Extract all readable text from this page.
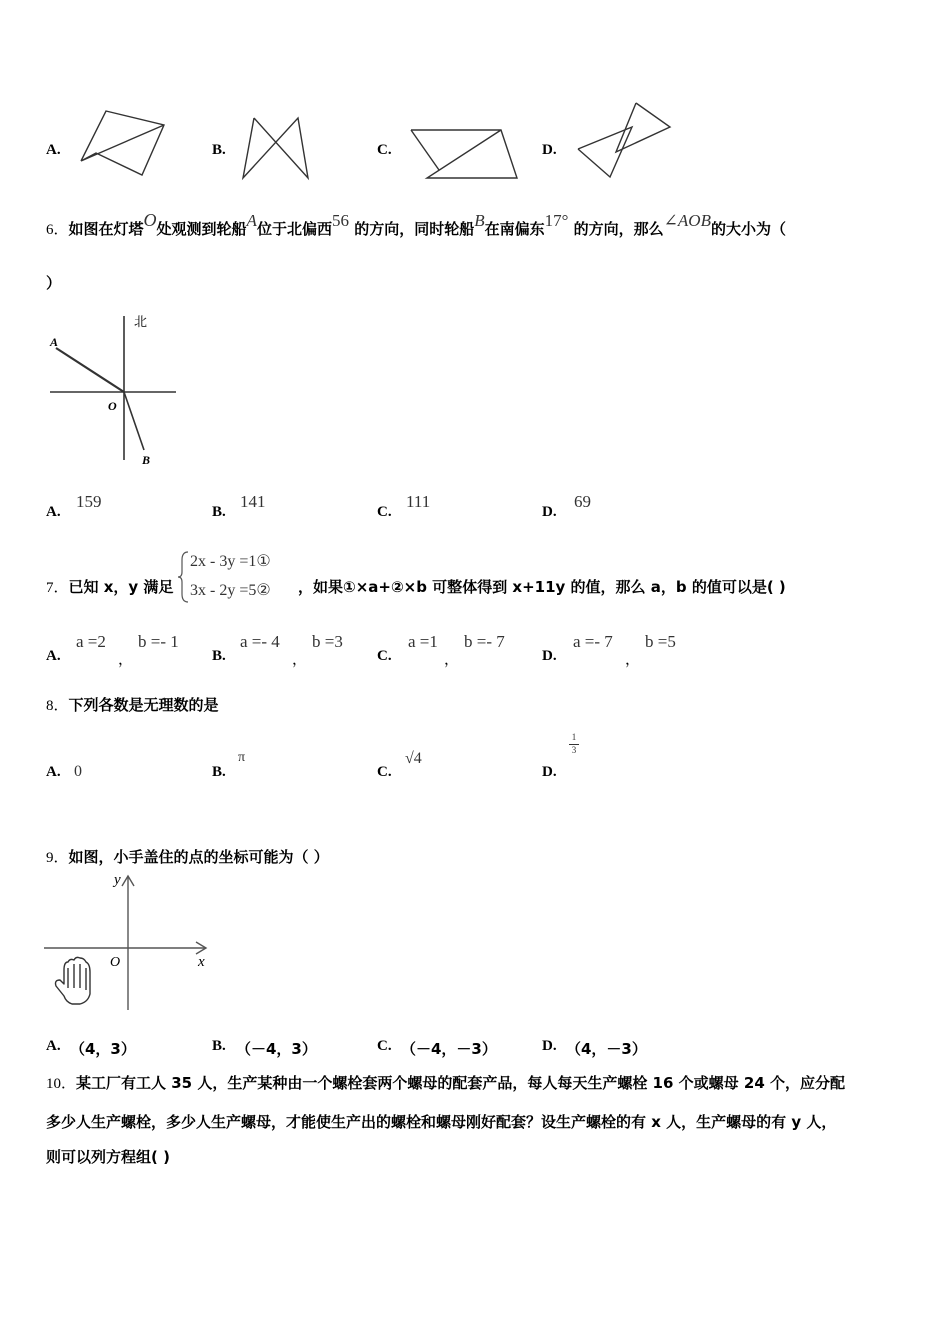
A.	B.	C.	D.
6．如图在灯塔O处观测到轮船A位于北偏西56 的方向，同时轮船B在南偏东17° 的方向，那么∠AOB的大小为（
）
北
A
O
B
A.
159
B.
141
C.
111
D.
69
7．已知 x，y 满足
2x - 3y =1①
3x - 2y =5② ，如果①×a+②×b 可整体得到 x+11y 的值，那么 a，b 的值可以是( )
A.
a =2
，
b =- 1
B.
a =- 4
，
b =3
C.
a =1
，
b =- 7
D.
a =- 7
，
b =5
8．下列各数是无理数的是
A. 0	B.
π
C.
√4
D.
$\frac{1}{3}$
9．如图，小手盖住的点的坐标可能为（ ）
y
x
O
A. （4，3）	B. （－4，3）	C. （－4，－3）	D. （4，－3）
10．某工厂有工人 35 人，生产某种由一个螺栓套两个螺母的配套产品，每人每天生产螺栓 16 个或螺母 24 个，应分配
多少人生产螺栓，多少人生产螺母，才能使生产出的螺栓和螺母刚好配套？设生产螺栓的有 x 人，生产螺母的有 y 人，
则可以列方程组( )
